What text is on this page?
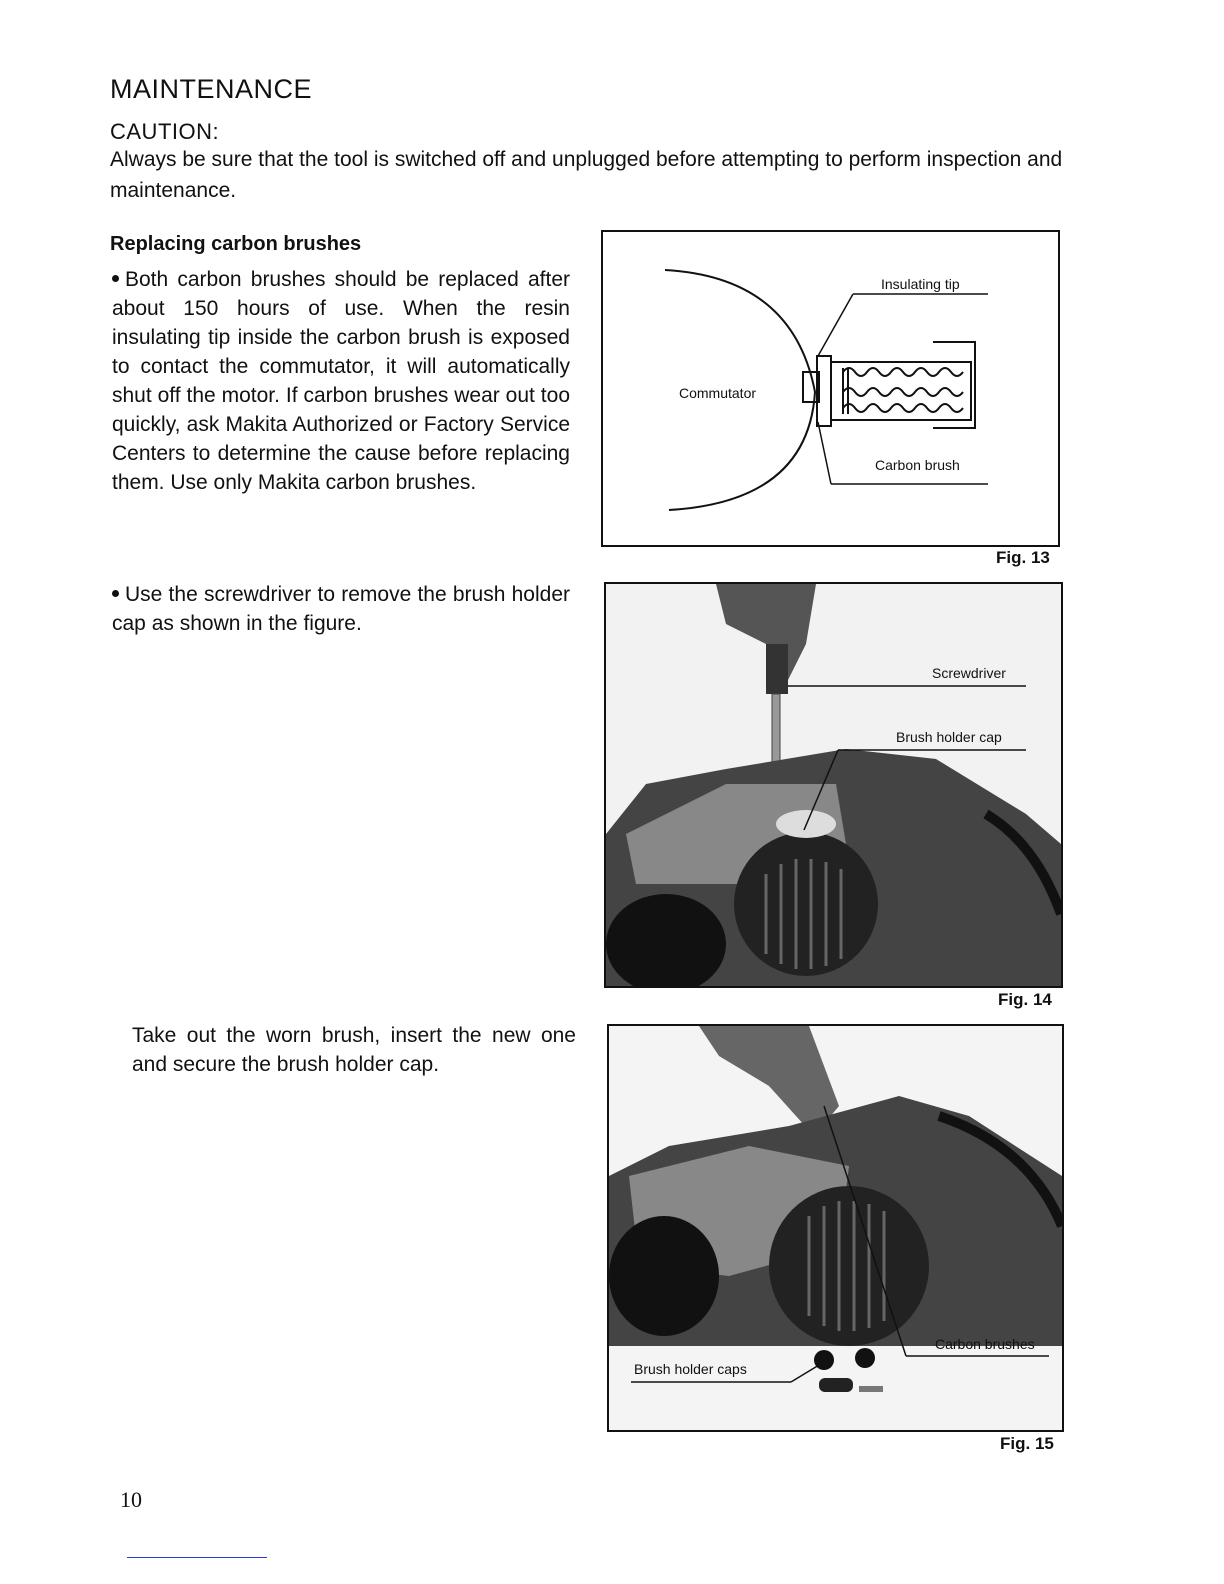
MAINTENANCE
CAUTION:
Always be sure that the tool is switched off and unplugged before attempting to perform inspection and maintenance.
Replacing carbon brushes
Both carbon brushes should be replaced after about 150 hours of use. When the resin insulating tip inside the carbon brush is exposed to contact the commutator, it will automatically shut off the motor. If carbon brushes wear out too quickly, ask Makita Authorized or Factory Service Centers to determine the cause before replacing them. Use only Makita carbon brushes.
Use the screwdriver to remove the brush holder cap as shown in the figure.
Take out the worn brush, insert the new one and secure the brush holder cap.
Insulating tip
Commutator
Carbon brush
Fig. 13
Screwdriver
Brush holder cap
Fig. 14
Carbon brushes
Brush holder caps
Fig. 15
10
